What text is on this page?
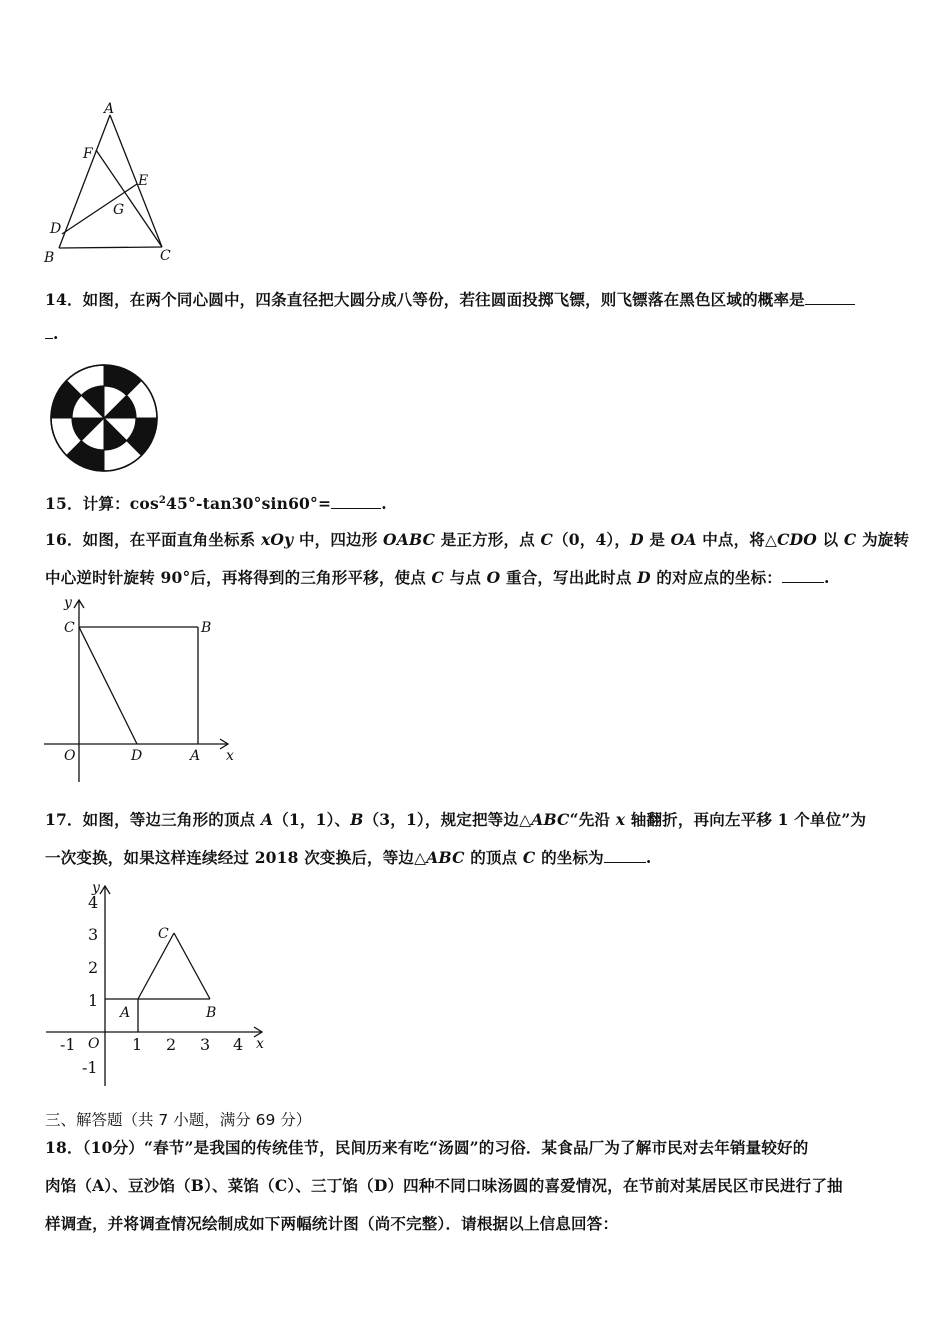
A
F
E
G
D
B	C
14．如图，在两个同心圆中，四条直径把大圆分成八等份，若往圆面投掷飞镖，则飞镖落在黑色区域的概率是
.
15．计算：$\cos^245^\circ-\tan 30^\circ\sin 60^\circ=$	.
16．如图，在平面直角坐标系 xOy 中，四边形 OABC 是正方形，点 C（0，4），D 是 OA 中点，将△CDO 以 C 为旋转
中心逆时针旋转 90°后，再将得到的三角形平移，使点 C 与点 O 重合，写出此时点 D 的对应点的坐标：	.
y
x
C	B
O	D	A
17．如图，等边三角形的顶点 A（1，1）、B（3，1），规定把等边△ABC“先沿 x 轴翻折，再向左平移 1 个单位”为
一次变换，如果这样连续经过 2018 次变换后，等边△ABC 的顶点 C 的坐标为	.
4
3
2
1
-1
-1	1 2 3 4
y
x
O
A	B
C
三、解答题（共 7 小题，满分 69 分）
18．（10分）“春节”是我国的传统佳节，民间历来有吃“汤圆”的习俗．某食品厂为了解市民对去年销量较好的
肉馅（A）、豆沙馅（B）、菜馅（C）、三丁馅（D）四种不同口味汤圆的喜爱情况，在节前对某居民区市民进行了抽
样调查，并将调查情况绘制成如下两幅统计图（尚不完整）．请根据以上信息回答：
